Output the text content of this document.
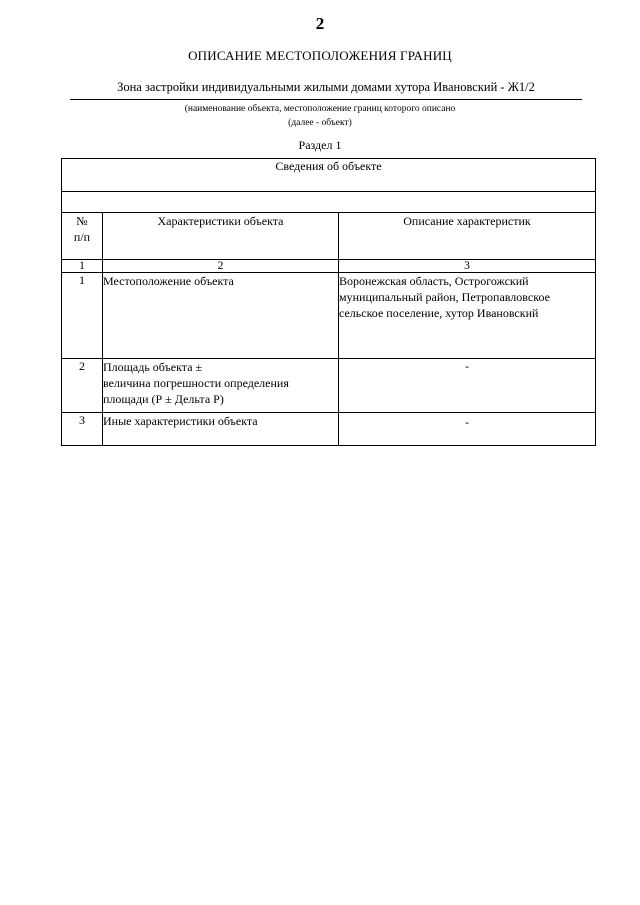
2
ОПИСАНИЕ МЕСТОПОЛОЖЕНИЯ ГРАНИЦ
Зона застройки индивидуальными жилыми домами хутора Ивановский - Ж1/2
(наименование объекта, местоположение границ которого описано
(далее - объект)
Раздел 1
Сведения об объекте		

№
п/п	Характеристики объекта	Описание характеристик
1	2	3
1	Местоположение объекта	Воронежская область, Острогожский
муниципальный район, Петропавловское
сельское поселение, хутор Ивановский

2	Площадь объекта ±
величина погрешности определения
площади (Р ± Дельта Р)	-
3	Иные характеристики объекта	-
